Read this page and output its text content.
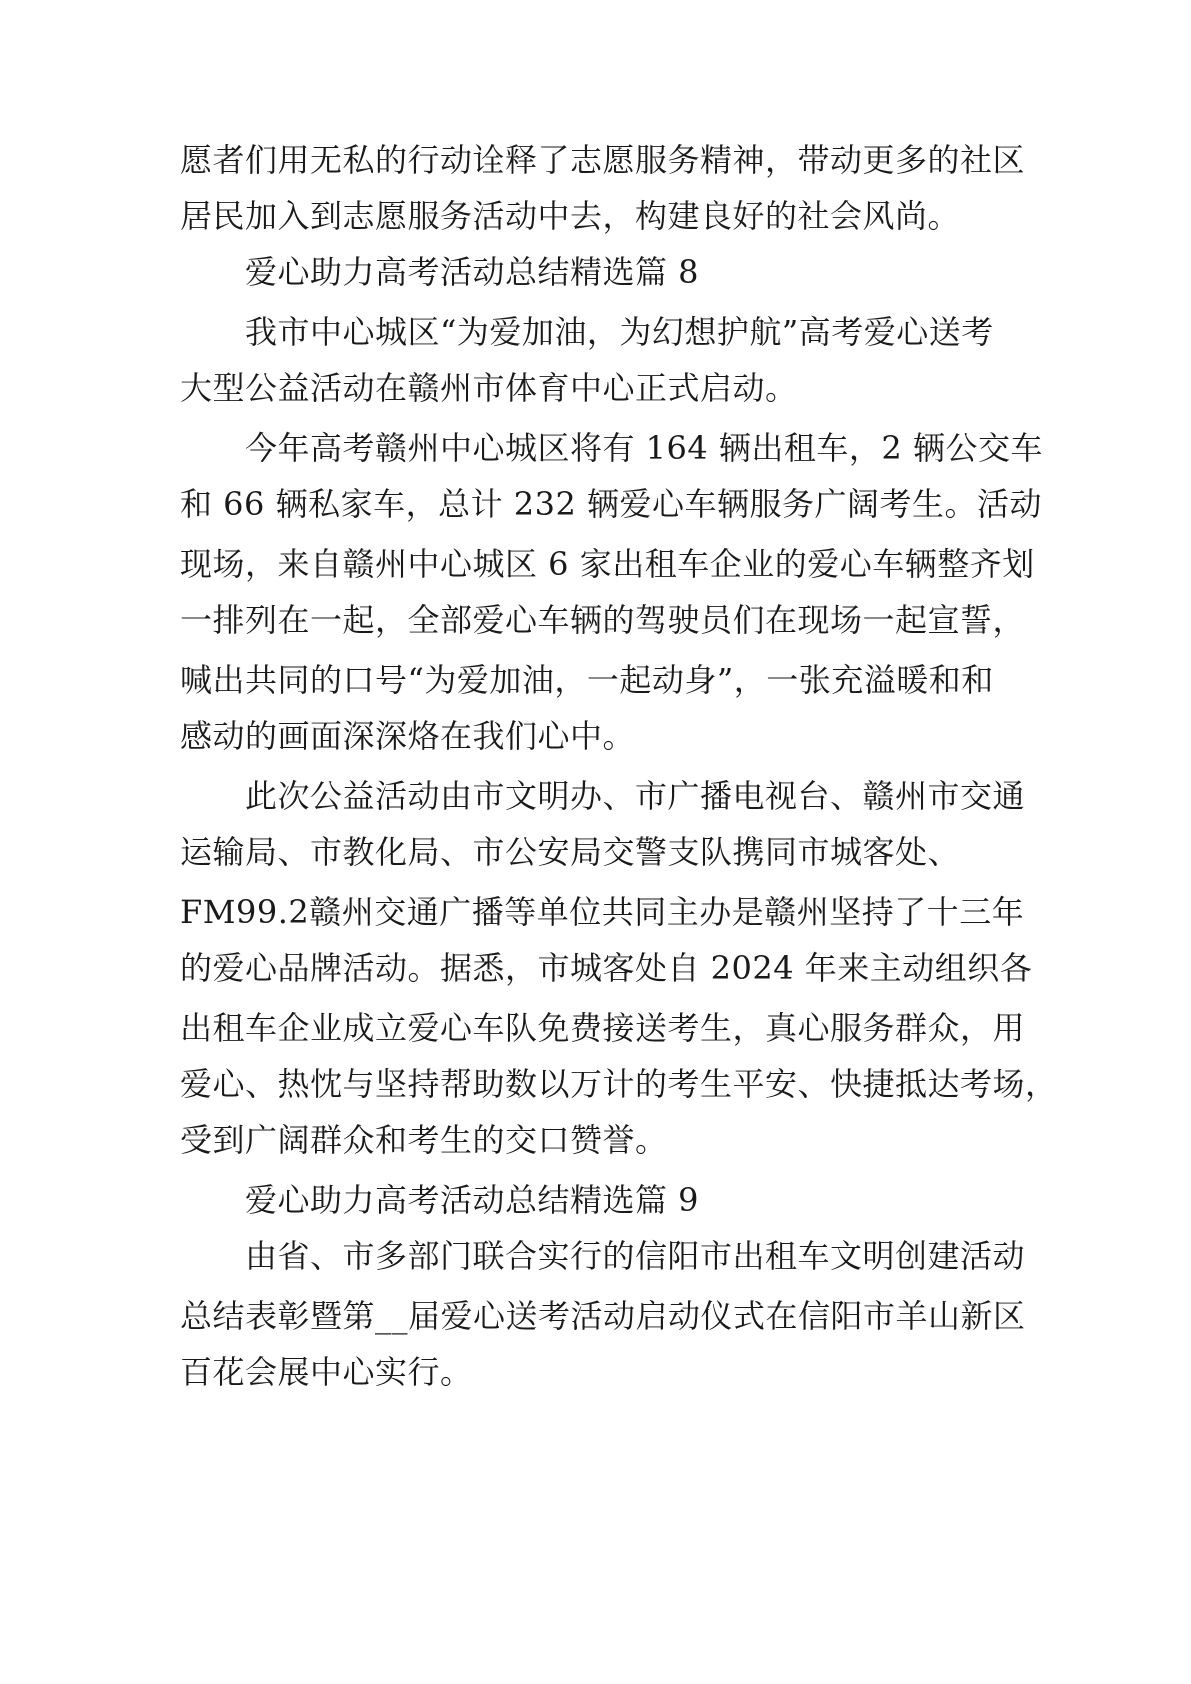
愿者们用无私的行动诠释了志愿服务精神，带动更多的社区
居民加入到志愿服务活动中去，构建良好的社会风尚。
爱心助力高考活动总结精选篇 8
我市中心城区“为爱加油，为幻想护航”高考爱心送考
大型公益活动在赣州市体育中心正式启动。
今年高考赣州中心城区将有 164 辆出租车，2 辆公交车
和 66 辆私家车，总计 232 辆爱心车辆服务广阔考生。活动
现场，来自赣州中心城区 6 家出租车企业的爱心车辆整齐划
一排列在一起，全部爱心车辆的驾驶员们在现场一起宣誓，
喊出共同的口号“为爱加油，一起动身”，一张充溢暖和和
感动的画面深深烙在我们心中。
此次公益活动由市文明办、市广播电视台、赣州市交通
运输局、市教化局、市公安局交警支队携同市城客处、
FM99.2赣州交通广播等单位共同主办是赣州坚持了十三年
的爱心品牌活动。据悉，市城客处自 2024 年来主动组织各
出租车企业成立爱心车队免费接送考生，真心服务群众，用
爱心、热忱与坚持帮助数以万计的考生平安、快捷抵达考场，
受到广阔群众和考生的交口赞誉。
爱心助力高考活动总结精选篇 9
由省、市多部门联合实行的信阳市出租车文明创建活动
总结表彰暨第__届爱心送考活动启动仪式在信阳市羊山新区
百花会展中心实行。
